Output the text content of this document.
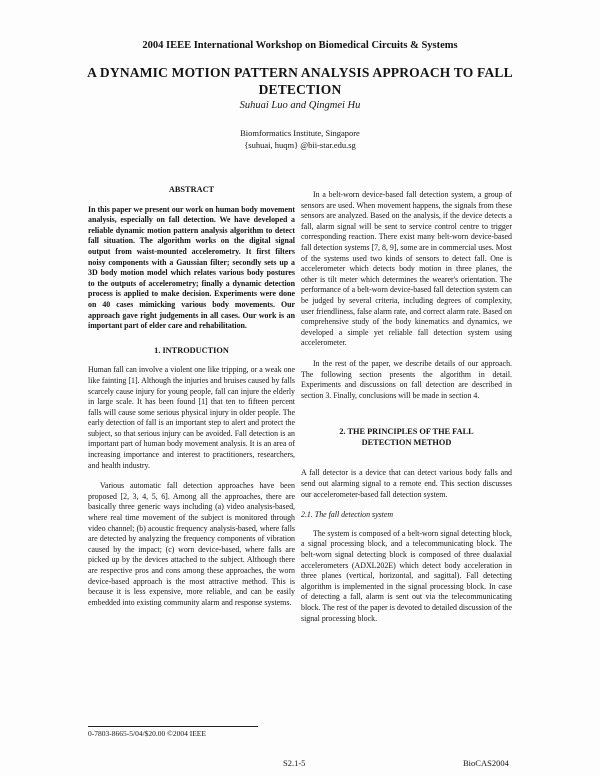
2004 IEEE International Workshop on Biomedical Circuits & Systems
A DYNAMIC MOTION PATTERN ANALYSIS APPROACH TO FALL DETECTION
Suhuai Luo and Qingmei Hu
Biomformatics Institute, Singapore
{suhuai, huqm} @bii-star.edu.sg
ABSTRACT

In this paper we present our work on human body movement analysis, especially on fall detection. We have developed a reliable dynamic motion pattern analysis algorithm to detect fall situation. The algorithm works on the digital signal output from waist-mounted accelerometry. It first filters noisy components with a Gaussian filter; secondly sets up a 3D body motion model which relates various body postures to the outputs of accelerometry; finally a dynamic detection process is applied to make decision. Experiments were done on 40 cases mimicking various body movements. Our approach gave right judgements in all cases. Our work is an important part of elder care and rehabilitation.

1. INTRODUCTION

Human fall can involve a violent one like tripping, or a weak one like fainting [1]. Although the injuries and bruises caused by falls scarcely cause injury for young people, fall can injure the elderly in large scale. It has been found [1] that ten to fifteen percent falls will cause some serious physical injury in older people. The early detection of fall is an important step to alert and protect the subject, so that serious injury can be avoided. Fall detection is an important part of human body movement analysis. It is an area of increasing importance and interest to practitioners, researchers, and health industry.

Various automatic fall detection approaches have been proposed [2, 3, 4, 5, 6]. Among all the approaches, there are basically three generic ways including (a) video analysis-based, where real time movement of the subject is monitored through video channel; (b) acoustic frequency analysis-based, where falls are detected by analyzing the frequency components of vibration caused by the impact; (c) worn device-based, where falls are picked up by the devices attached to the subject. Although there are respective pros and cons among these approaches, the worn device-based approach is the most attractive method. This is because it is less expensive, more reliable, and can be easily embedded into existing community alarm and response systems.

In a belt-worn device-based fall detection system, a group of sensors are used. When movement happens, the signals from these sensors are analyzed. Based on the analysis, if the device detects a fall, alarm signal will be sent to service control centre to trigger corresponding reaction. There exist many belt-worn device-based fall detection systems [7, 8, 9], some are in commercial uses. Most of the systems used two kinds of sensors to detect fall. One is accelerometer which detects body motion in three planes, the other is tilt meter which determines the wearer's orientation. The performance of a belt-worn device-based fall detection system can be judged by several criteria, including degrees of complexity, user friendliness, false alarm rate, and correct alarm rate. Based on comprehensive study of the body kinematics and dynamics, we developed a simple yet reliable fall detection system using accelerometer.

In the rest of the paper, we describe details of our approach. The following section presents the algorithm in detail. Experiments and discussions on fall detection are described in section 3. Finally, conclusions will be made in section 4.

2. THE PRINCIPLES OF THE FALL
DETECTION METHOD

A fall detector is a device that can detect various body falls and send out alarming signal to a remote end. This section discusses our accelerometer-based fall detection system.

2.1. The fall detection system

The system is composed of a belt-worn signal detecting block, a signal processing block, and a telecommunicating block. The belt-worn signal detecting block is composed of three dualaxial accelerometers (ADXL202E) which detect body acceleration in three planes (vertical, horizontal, and sagittal). Fall detecting algorithm is implemented in the signal processing block. In case of detecting a fall, alarm is sent out via the telecommunicating block. The rest of the paper is devoted to detailed discussion of the signal processing block.

0-7803-8665-5/04/$20.00 ©2004 IEEE
S2.1-5	BioCAS2004
